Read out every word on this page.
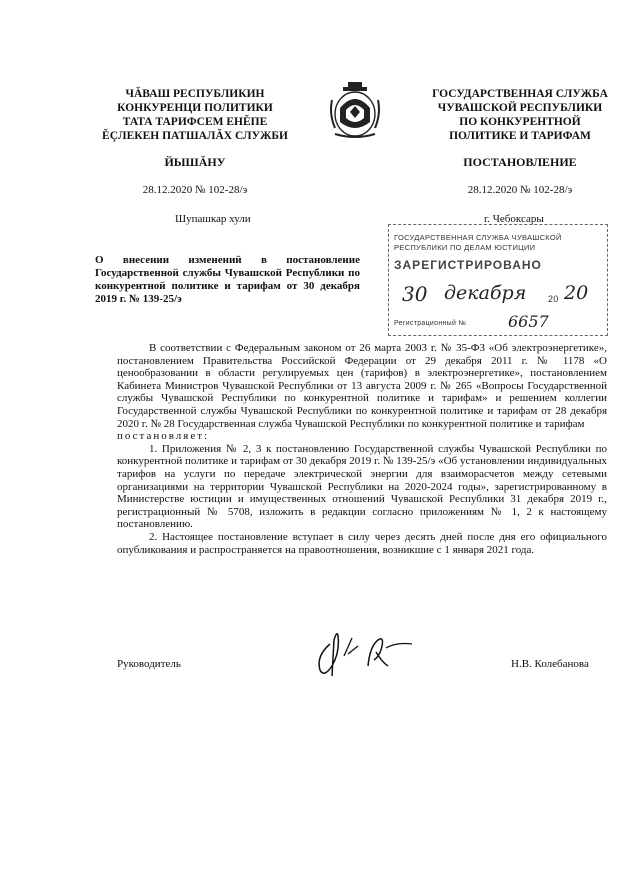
ЧĂВАШ РЕСПУБЛИКИН
КОНКУРЕНЦИ ПОЛИТИКИ
ТАТА ТАРИФСЕМ ЕНĔПЕ
ĔÇЛЕКЕН ПАТШАЛĂХ СЛУЖБИ
ГОСУДАРСТВЕННАЯ СЛУЖБА
ЧУВАШСКОЙ РЕСПУБЛИКИ
ПО КОНКУРЕНТНОЙ
ПОЛИТИКЕ И ТАРИФАМ
ЙЫШĂНУ	ПОСТАНОВЛЕНИЕ
28.12.2020 № 102-28/э	28.12.2020 № 102-28/э
Шупашкар хули	г. Чебоксары
О внесении изменений в постановление Государственной службы Чувашской Республики по конкурентной политике и тарифам от 30 декабря 2019 г. № 139-25/э
ГОСУДАРСТВЕННАЯ СЛУЖБА ЧУВАШСКОЙ
РЕСПУБЛИКИ ПО ДЕЛАМ ЮСТИЦИИ
ЗАРЕГИСТРИРОВАНО
30 декабря 20 20
Регистрационный №	6657

В соответствии с Федеральным законом от 26 марта 2003 г. № 35-ФЗ «Об электроэнергетике», постановлением Правительства Российской Федерации от 29 декабря 2011 г. № 1178 «О ценообразовании в области регулируемых цен (тарифов) в электроэнергетике», постановлением Кабинета Министров Чувашской Республики от 13 августа 2009 г. № 265 «Вопросы Государственной службы Чувашской Республики по конкурентной политике и тарифам» и решением коллегии Государственной службы Чувашской Республики по конкурентной политике и тарифам от 28 декабря 2020 г. № 28 Государственная служба Чувашской Республики по конкурентной политике и тарифам

постановляет:

1. Приложения № 2, 3 к постановлению Государственной службы Чувашской Республики по конкурентной политике и тарифам от 30 декабря 2019 г. № 139-25/э «Об установлении индивидуальных тарифов на услуги по передаче электрической энергии для взаиморасчетов между сетевыми организациями на территории Чувашской Республики на 2020-2024 годы», зарегистрированному в Министерстве юстиции и имущественных отношений Чувашской Республики 31 декабря 2019 г., регистрационный № 5708, изложить в редакции согласно приложениям № 1, 2 к настоящему постановлению.

2. Настоящее постановление вступает в силу через десять дней после дня его официального опубликования и распространяется на правоотношения, возникшие с 1 января 2021 года.

Руководитель	Н.В. Колебанова
